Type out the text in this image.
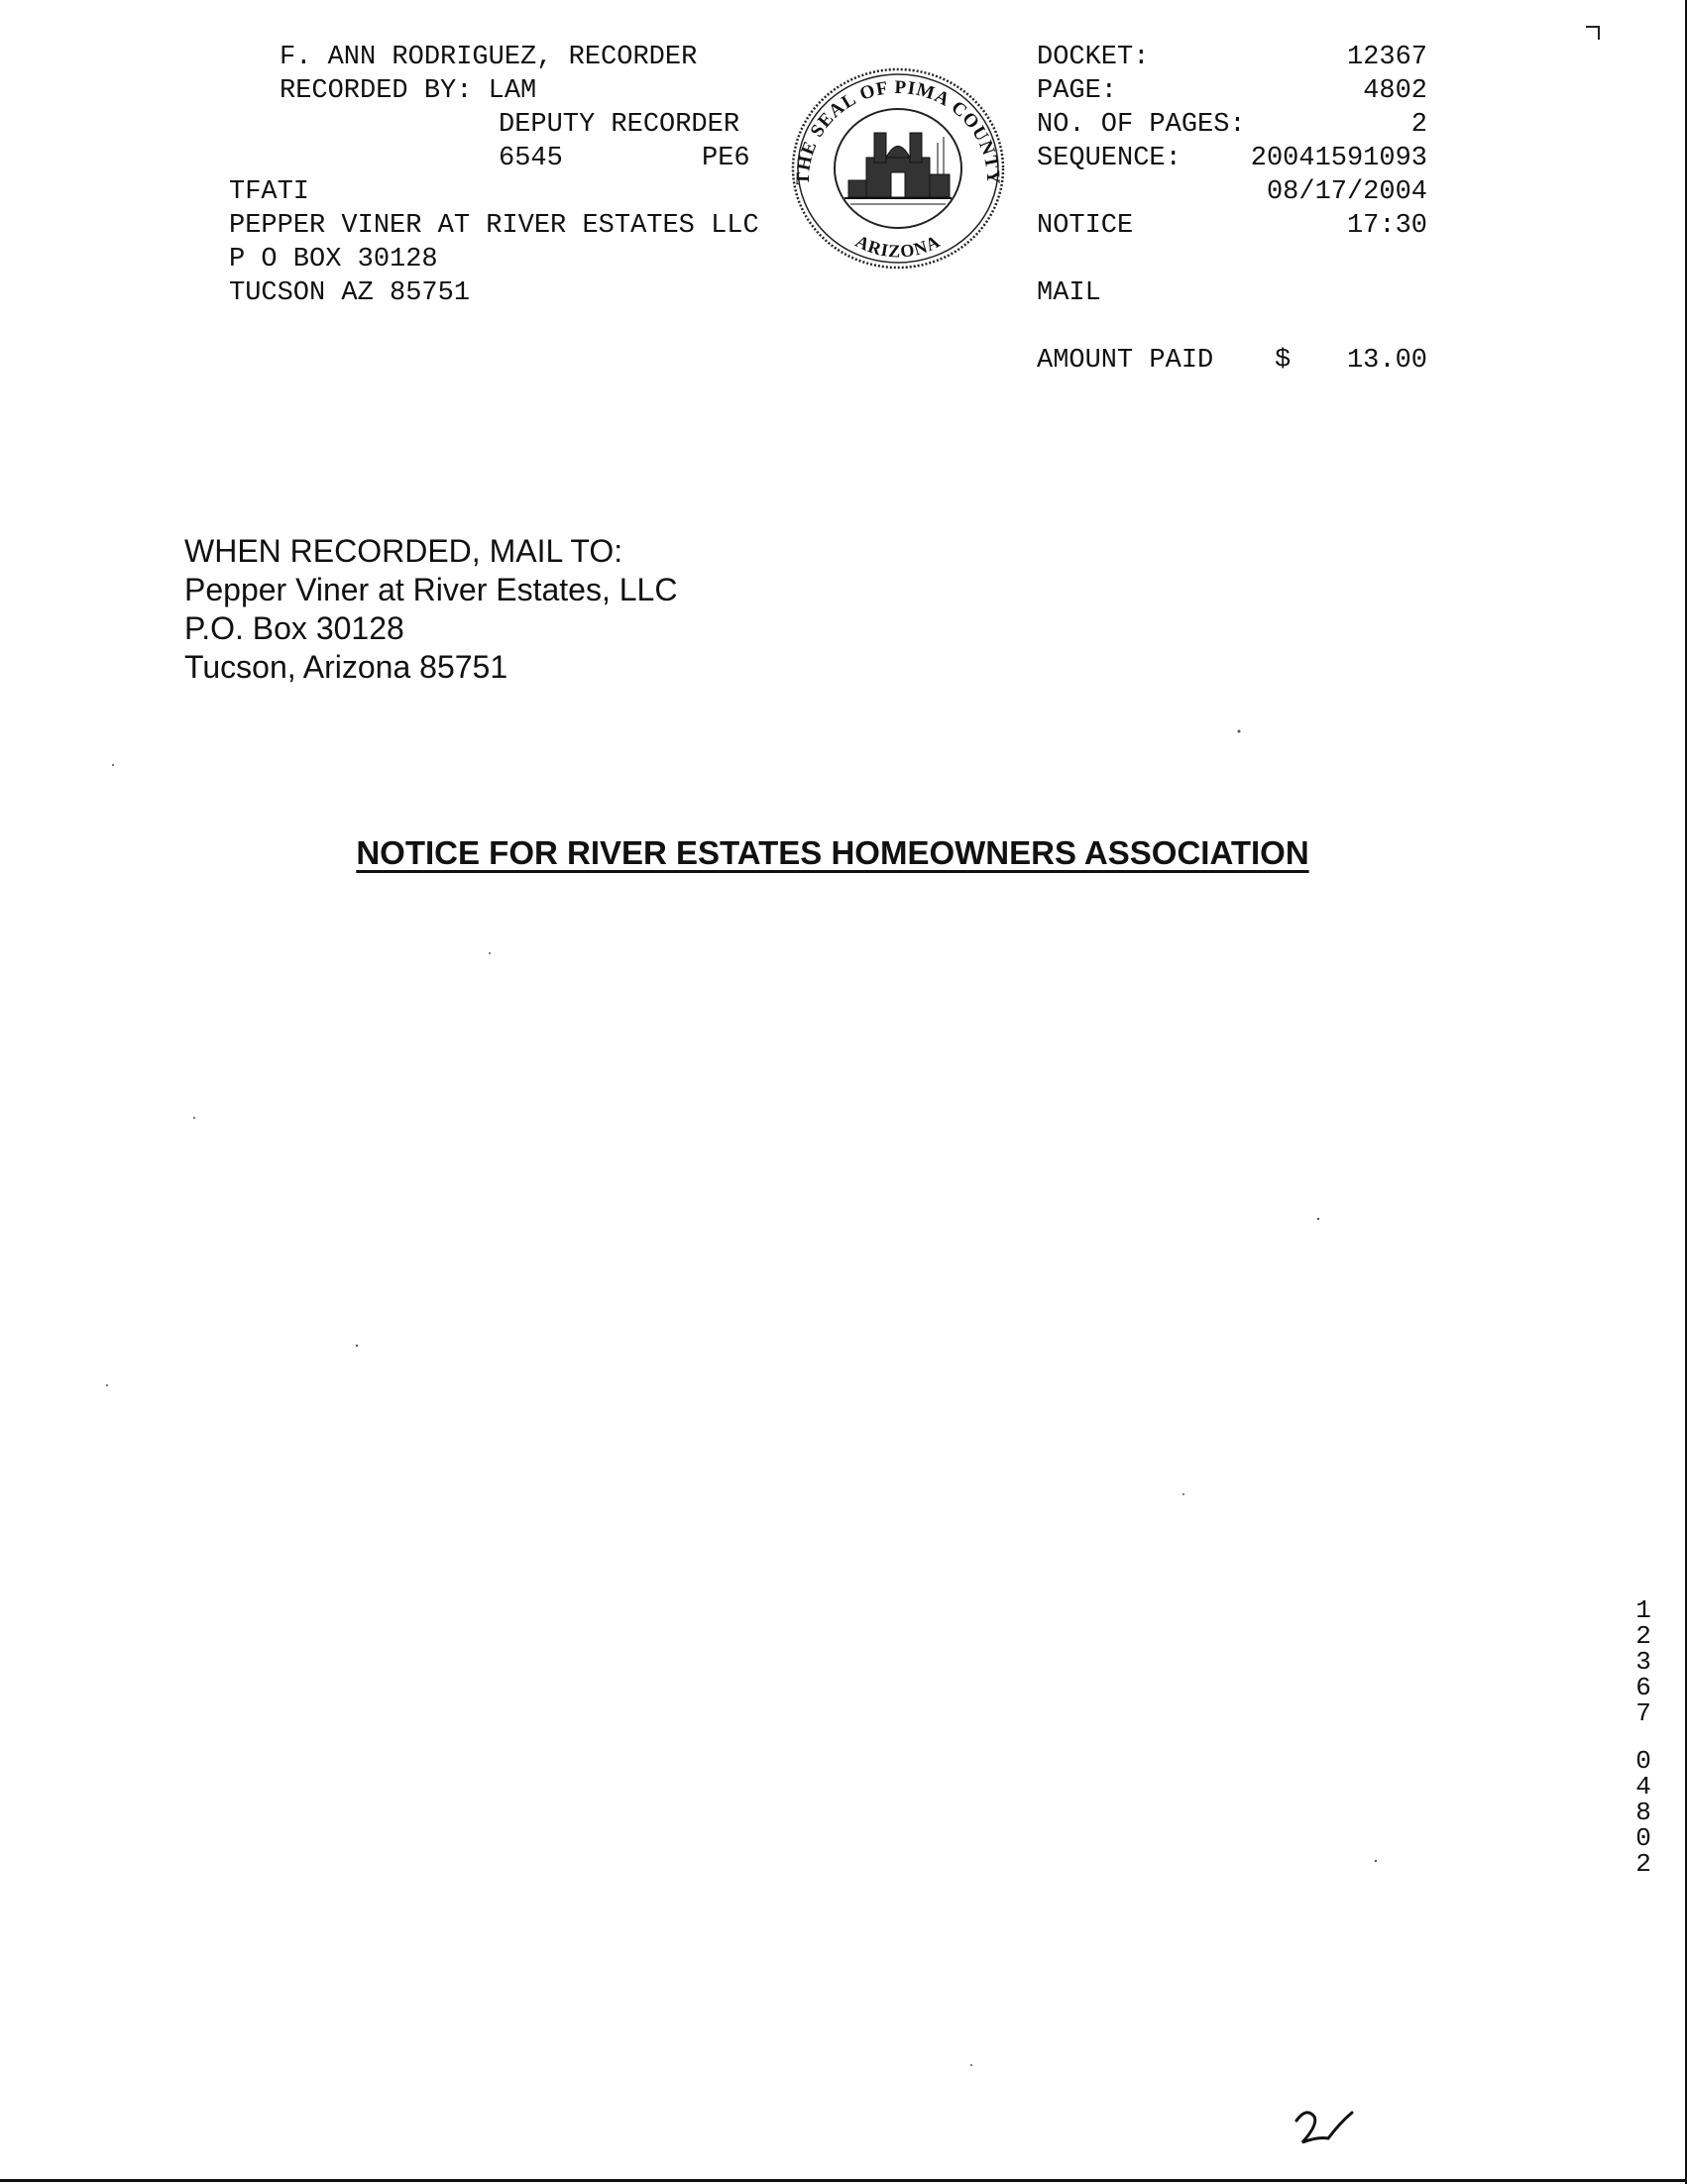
F. ANN RODRIGUEZ, RECORDER
RECORDED BY: LAM
DEPUTY RECORDER
6545	PE6
TFATI
PEPPER VINER AT RIVER ESTATES LLC
P O BOX 30128
TUCSON AZ 85751
THE SEAL OF PIMA COUNTY
ARIZONA
DOCKET:	12367
PAGE:	4802
NO. OF PAGES:	2
SEQUENCE:	20041591093
08/17/2004
NOTICE	17:30
MAIL
AMOUNT PAID $	13.00
WHEN RECORDED, MAIL TO:
Pepper Viner at River Estates, LLC
P.O. Box 30128
Tucson, Arizona 85751
NOTICE FOR RIVER ESTATES HOMEOWNERS ASSOCIATION
1
2
3
6
7
0
4
8
0
2
